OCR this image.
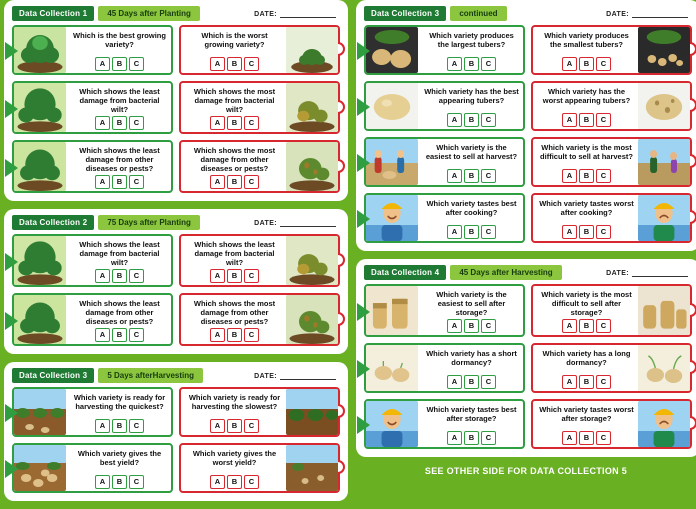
Data Collection 1	45 Days after Planting	DATE:
Which is the best growing variety?
A	B	C
Which is the worst growing variety?
A	B	C
Which shows the least damage from bacterial wilt?
A	B	C
Which shows the most damage from bacterial wilt?
A	B	C
Which shows the least damage from other diseases or pests?
A	B	C
Which shows the most damage from other diseases or pests?
A	B	C
Data Collection 2	75 Days after Planting	DATE:
Which shows the least damage from bacterial wilt?
A	B	C
Which shows the least damage from bacterial wilt?
A	B	C
Which shows the least damage from other diseases or pests?
A	B	C
Which shows the most damage from other diseases or pests?
A	B	C
Data Collection 3	5 Days afterHarvesting	DATE:
Which variety is ready for harvesting the quickest?
A	B	C
Which variety is ready for harvesting the slowest?
A	B	C
Which variety gives the best yield?
A	B	C
Which variety gives the worst yield?
A	B	C
Data Collection 3	continued	DATE:
Which variety produces the largest tubers?
A	B	C
Which variety produces the smallest tubers?
A	B	C
Which variety has the best appearing tubers?
A	B	C
Which variety has the worst appearing tubers?
A	B	C
Which variety is the easiest to sell at harvest?
A	B	C
Which variety is the most difficult to sell at harvest?
A	B	C
Which variety tastes best after cooking?
A	B	C
Which variety tastes worst after cooking?
A	B	C
Data Collection 4	45 Days after Harvesting	DATE:
Which variety is the easiest to sell after storage?
A	B	C
Which variety is the most difficult to sell after storage?
A	B	C
Which variety has a short dormancy?
A	B	C
Which variety has a long dormancy?
A	B	C
Which variety tastes best after storage?
A	B	C
Which variety tastes worst after storage?
A	B	C
SEE OTHER SIDE FOR DATA COLLECTION 5
